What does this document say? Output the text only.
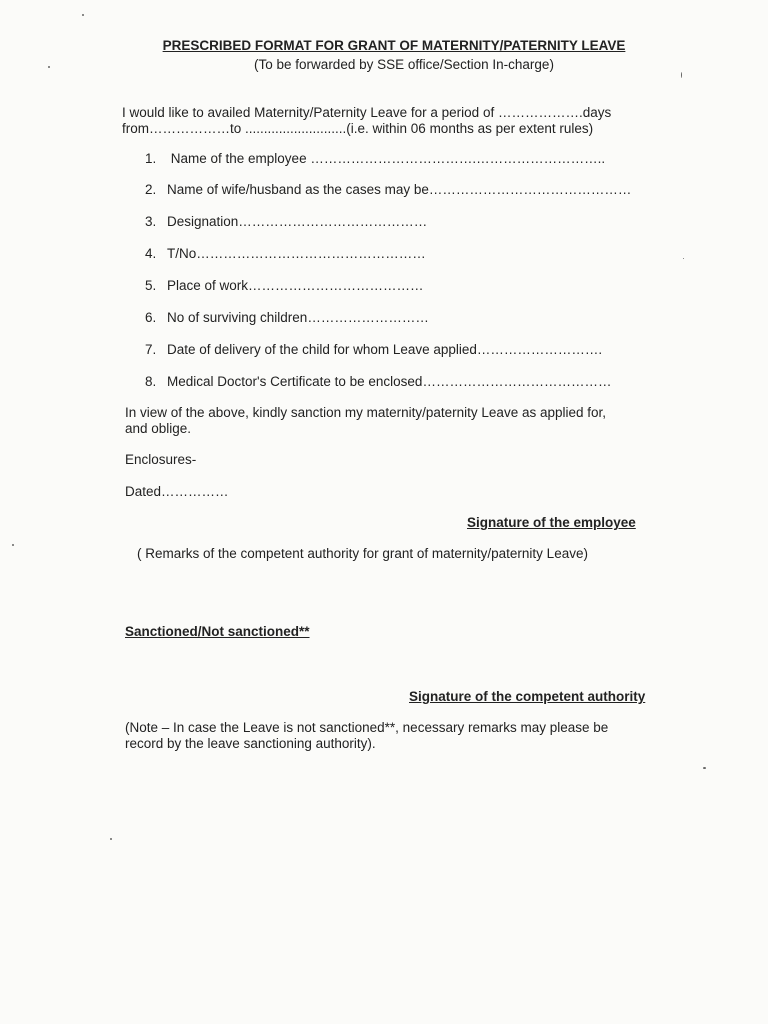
PRESCRIBED FORMAT FOR GRANT OF MATERNITY/PATERNITY LEAVE
(To be forwarded by SSE office/Section In-charge)
I would like to availed Maternity/Paternity Leave for a period of ……………….days
from………………to ...........................(i.e. within 06 months as per extent rules)
1. Name of the employee ……………………………….………………………..
2. Name of wife/husband as the cases may be………………………………………
3. Designation……………………………………
4. T/No……………………………………………
5. Place of work…………………………………
6. No of surviving children………………………
7. Date of delivery of the child for whom Leave applied……………………….
8. Medical Doctor's Certificate to be enclosed……………………………………
In view of the above, kindly sanction my maternity/paternity Leave as applied for,
and oblige.
Enclosures-
Dated……………
Signature of the employee
( Remarks of the competent authority for grant of maternity/paternity Leave)
Sanctioned/Not sanctioned**
Signature of the competent authority
(Note – In case the Leave is not sanctioned**, necessary remarks may please be
record by the leave sanctioning authority).
